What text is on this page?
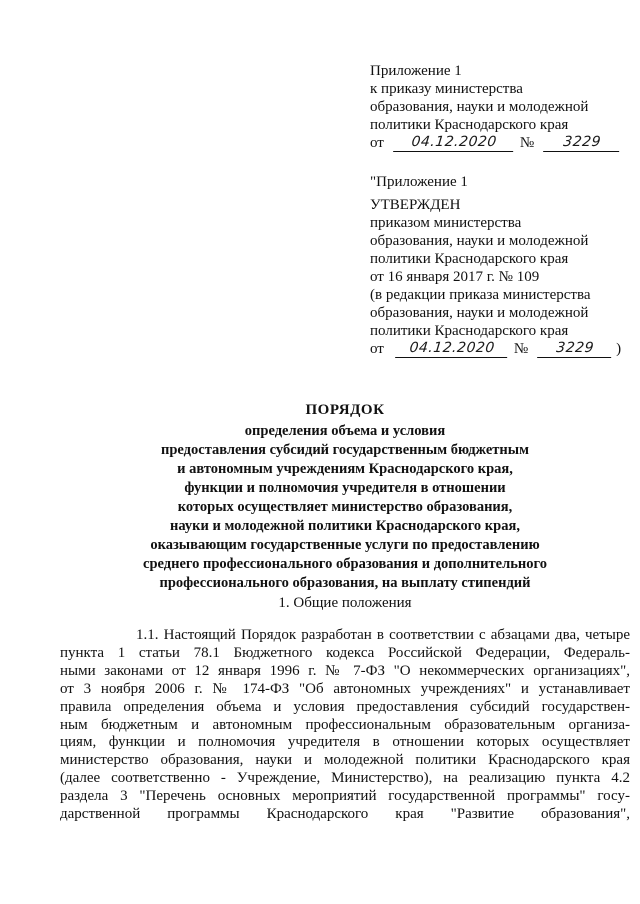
Приложение 1
к приказу министерства
образования, науки и молодежной
политики Краснодарского края
от	04.12.2020	№	3229
"Приложение 1
УТВЕРЖДЕН
приказом министерства
образования, науки и молодежной
политики Краснодарского края
от 16 января 2017 г. № 109
(в редакции приказа министерства
образования, науки и молодежной
политики Краснодарского края
от	04.12.2020	№	3229	)
ПОРЯДОК
определения объема и условия
предоставления субсидий государственным бюджетным
и автономным учреждениям Краснодарского края,
функции и полномочия учредителя в отношении
которых осуществляет министерство образования,
науки и молодежной политики Краснодарского края,
оказывающим государственные услуги по предоставлению
среднего профессионального образования и дополнительного
профессионального образования, на выплату стипендий
1. Общие положения
1.1. Настоящий Порядок разработан в соответствии с абзацами два, четыре
пункта 1 статьи 78.1 Бюджетного кодекса Российской Федерации, Федераль-
ными законами от 12 января 1996 г. № 7-ФЗ "О некоммерческих организациях",
от 3 ноября 2006 г. № 174-ФЗ "Об автономных учреждениях" и устанавливает
правила определения объема и условия предоставления субсидий государствен-
ным бюджетным и автономным профессиональным образовательным организа-
циям, функции и полномочия учредителя в отношении которых осуществляет
министерство образования, науки и молодежной политики Краснодарского края
(далее соответственно - Учреждение, Министерство), на реализацию пункта 4.2
раздела 3 "Перечень основных мероприятий государственной программы" госу-
дарственной программы Краснодарского края "Развитие образования",
